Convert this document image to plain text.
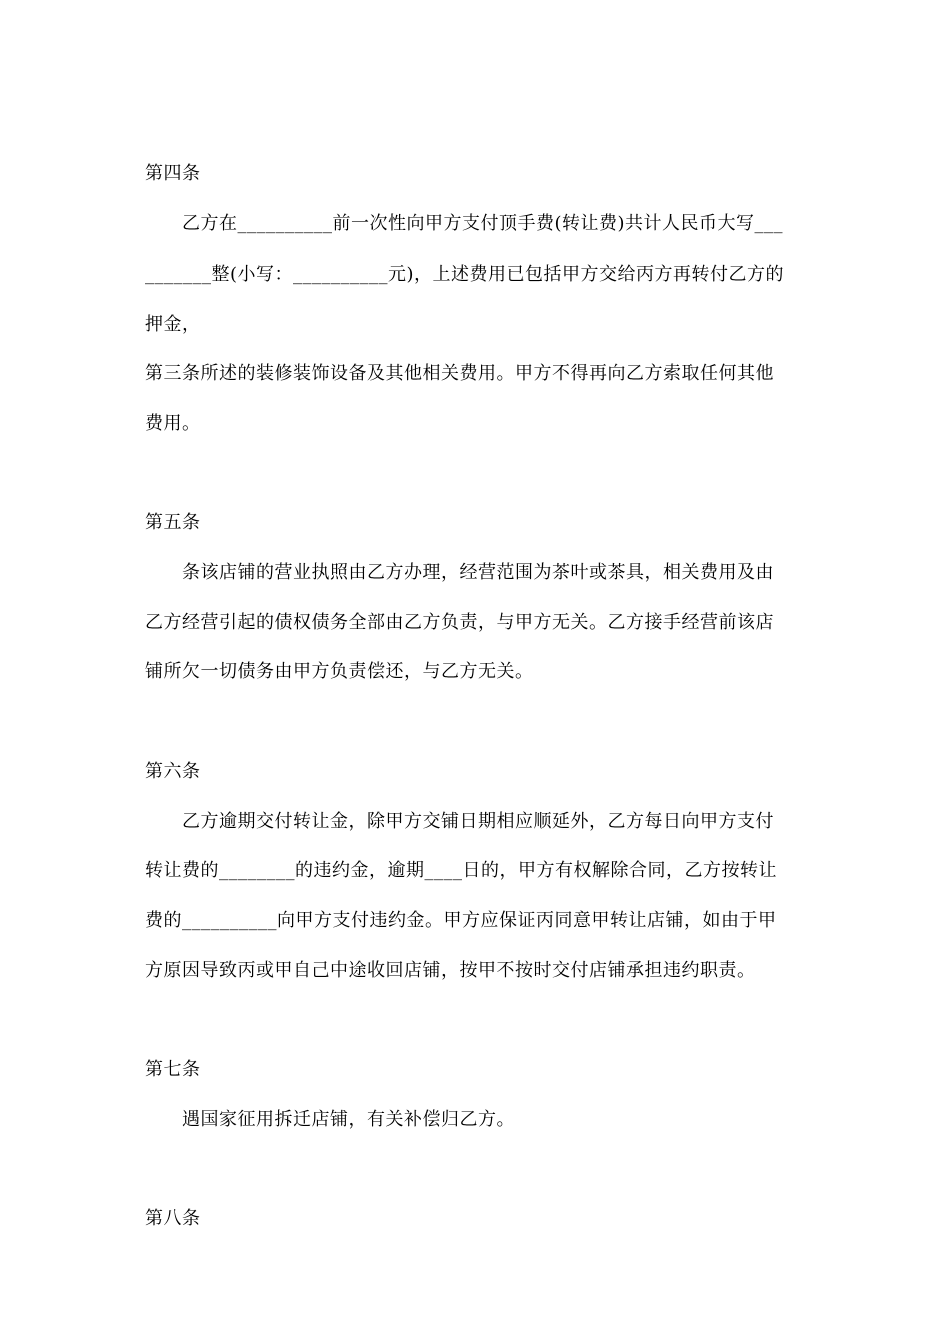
第四条
乙方在__________前一次性向甲方支付顶手费(转让费)共计人民币大写___
_______整(小写：__________元)，上述费用已包括甲方交给丙方再转付乙方的
押金，
第三条所述的装修装饰设备及其他相关费用。甲方不得再向乙方索取任何其他
费用。
第五条
条该店铺的营业执照由乙方办理，经营范围为茶叶或茶具，相关费用及由
乙方经营引起的债权债务全部由乙方负责，与甲方无关。乙方接手经营前该店
铺所欠一切债务由甲方负责偿还，与乙方无关。
第六条
乙方逾期交付转让金，除甲方交铺日期相应顺延外，乙方每日向甲方支付
转让费的________的违约金，逾期____日的，甲方有权解除合同，乙方按转让
费的__________向甲方支付违约金。甲方应保证丙同意甲转让店铺，如由于甲
方原因导致丙或甲自己中途收回店铺，按甲不按时交付店铺承担违约职责。
第七条
遇国家征用拆迁店铺，有关补偿归乙方。
第八条
